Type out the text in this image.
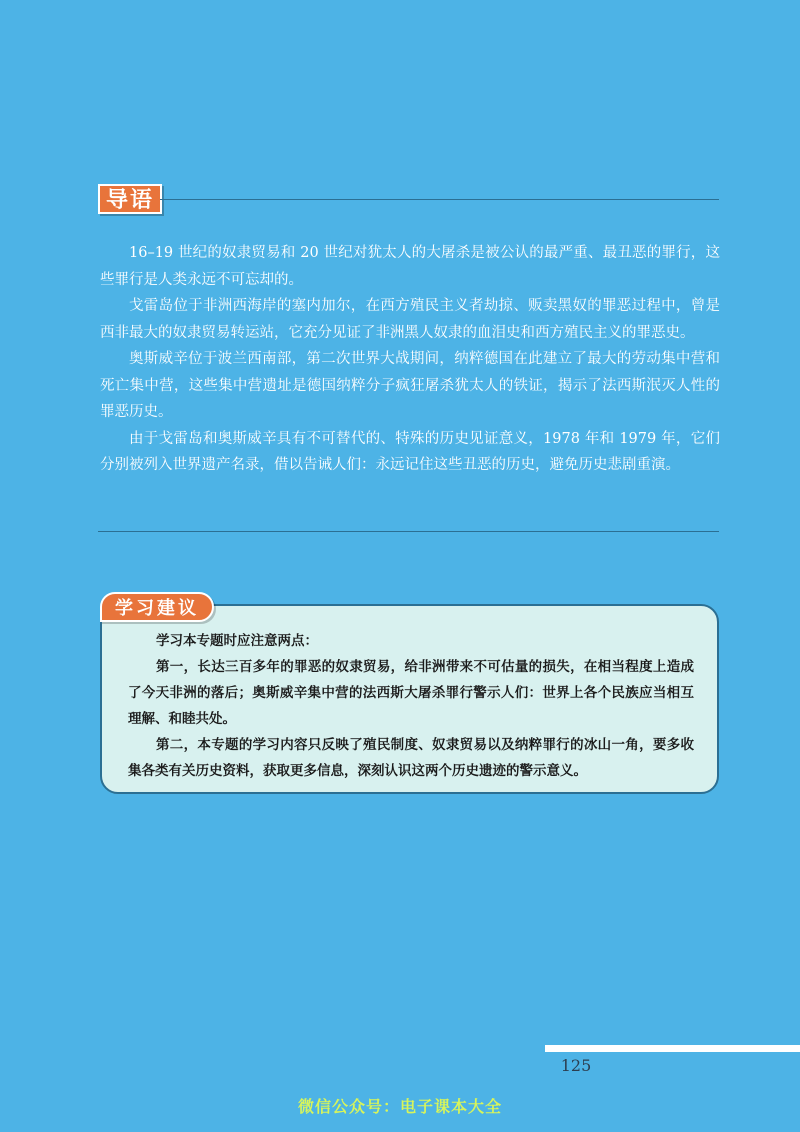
导语

16–19 世纪的奴隶贸易和 20 世纪对犹太人的大屠杀是被公认的最严重、最丑恶的罪行，这些罪行是人类永远不可忘却的。

戈雷岛位于非洲西海岸的塞内加尔，在西方殖民主义者劫掠、贩卖黑奴的罪恶过程中，曾是西非最大的奴隶贸易转运站，它充分见证了非洲黑人奴隶的血泪史和西方殖民主义的罪恶史。

奥斯威辛位于波兰西南部，第二次世界大战期间，纳粹德国在此建立了最大的劳动集中营和死亡集中营，这些集中营遗址是德国纳粹分子疯狂屠杀犹太人的铁证，揭示了法西斯泯灭人性的罪恶历史。

由于戈雷岛和奥斯威辛具有不可替代的、特殊的历史见证意义，1978 年和 1979 年，它们分别被列入世界遗产名录，借以告诫人们：永远记住这些丑恶的历史，避免历史悲剧重演。

学习建议

学习本专题时应注意两点：

第一，长达三百多年的罪恶的奴隶贸易，给非洲带来不可估量的损失，在相当程度上造成了今天非洲的落后；奥斯威辛集中营的法西斯大屠杀罪行警示人们：世界上各个民族应当相互理解、和睦共处。

第二，本专题的学习内容只反映了殖民制度、奴隶贸易以及纳粹罪行的冰山一角，要多收集各类有关历史资料，获取更多信息，深刻认识这两个历史遗迹的警示意义。

125
微信公众号：电子课本大全
